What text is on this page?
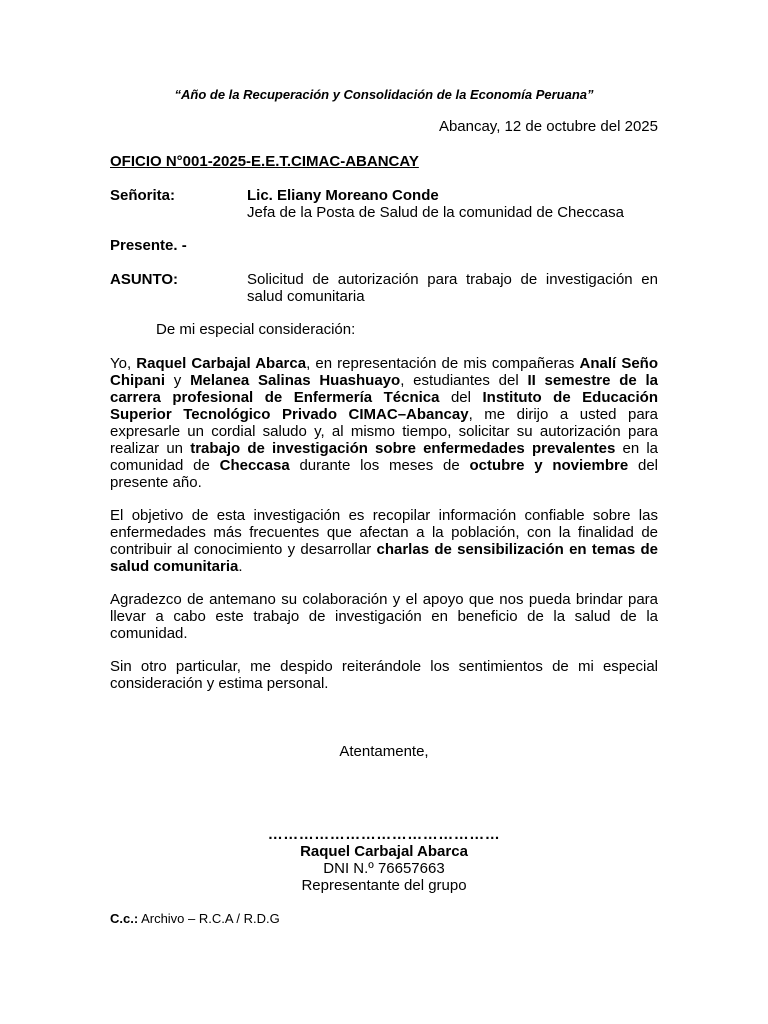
“Año de la Recuperación y Consolidación de la Economía Peruana”
Abancay, 12 de octubre del 2025
OFICIO N°001-2025-E.E.T.CIMAC-ABANCAY
Señorita:	Lic. Eliany Moreano Conde
Jefa de la Posta de Salud de la comunidad de Checcasa
Presente. -
ASUNTO:	Solicitud de autorización para trabajo de investigación en salud comunitaria
De mi especial consideración:
Yo, Raquel Carbajal Abarca, en representación de mis compañeras Analí Seño Chipani y Melanea Salinas Huashuayo, estudiantes del II semestre de la carrera profesional de Enfermería Técnica del Instituto de Educación Superior Tecnológico Privado CIMAC–Abancay, me dirijo a usted para expresarle un cordial saludo y, al mismo tiempo, solicitar su autorización para realizar un trabajo de investigación sobre enfermedades prevalentes en la comunidad de Checcasa durante los meses de octubre y noviembre del presente año.
El objetivo de esta investigación es recopilar información confiable sobre las enfermedades más frecuentes que afectan a la población, con la finalidad de contribuir al conocimiento y desarrollar charlas de sensibilización en temas de salud comunitaria.
Agradezco de antemano su colaboración y el apoyo que nos pueda brindar para llevar a cabo este trabajo de investigación en beneficio de la salud de la comunidad.
Sin otro particular, me despido reiterándole los sentimientos de mi especial consideración y estima personal.
Atentamente,
………………………………………
Raquel Carbajal Abarca
DNI N.º 76657663
Representante del grupo
C.c.: Archivo – R.C.A / R.D.G
